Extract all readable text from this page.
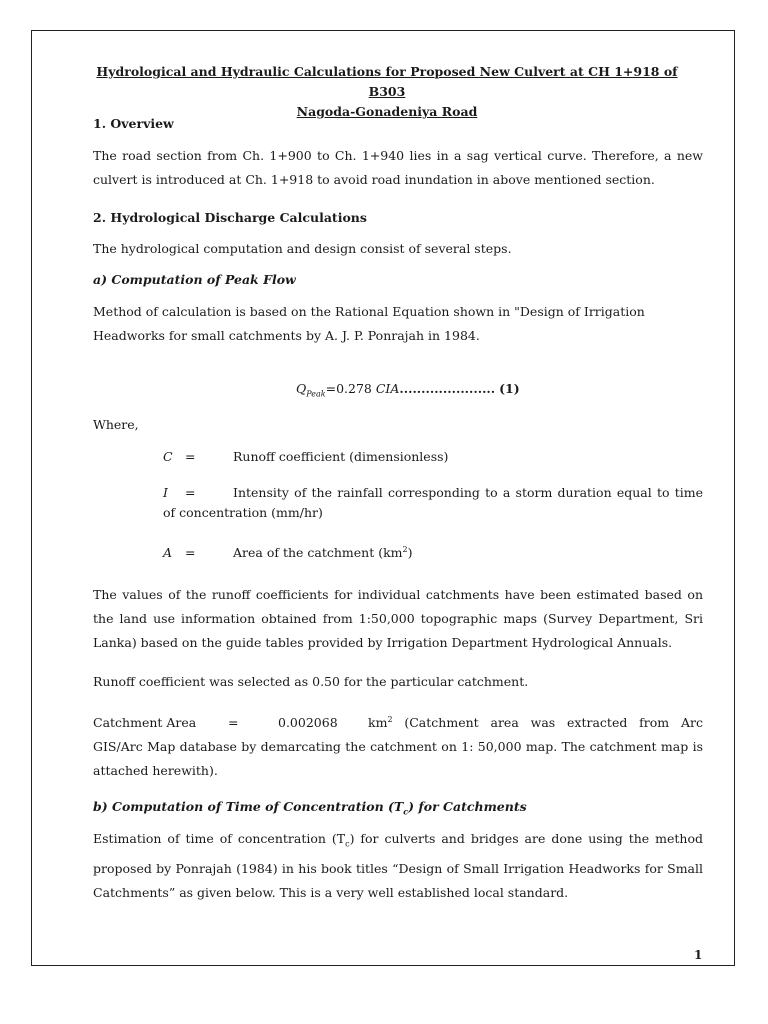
Hydrological and Hydraulic Calculations for Proposed New Culvert at CH 1+918 of B303
Nagoda-Gonadeniya Road
1. Overview
The road section from Ch. 1+900 to Ch. 1+940 lies in a sag vertical curve. Therefore, a new culvert is introduced at Ch. 1+918 to avoid road inundation in above mentioned section.
2. Hydrological Discharge Calculations
The hydrological computation and design consist of several steps.
a) Computation of Peak Flow
Method of calculation is based on the Rational Equation shown in "Design of Irrigation Headworks for small catchments by A. J. P. Ponrajah in 1984.
$Q_{Peak}=0.278$ CIA...................... (1)
Where,
C =	Runoff coefficient (dimensionless)
I =	Intensity of the rainfall corresponding to a storm duration equal to time of concentration (mm/hr)
A =	Area of the catchment $(km^2)$
The values of the runoff coefficients for individual catchments have been estimated based on the land use information obtained from 1:50,000 topographic maps (Survey Department, Sri Lanka) based on the guide tables provided by Irrigation Department Hydrological Annuals.
Runoff coefficient was selected as 0.50 for the particular catchment.
Catchment Area	=	0.002068 $km^2$ (Catchment area was extracted from Arc GIS/Arc Map database by demarcating the catchment on 1: 50,000 map. The catchment map is attached herewith).
b) Computation of Time of Concentration $(T_c)$ for Catchments
Estimation of time of concentration $(T_c)$ for culverts and bridges are done using the method proposed by Ponrajah (1984) in his book titles “Design of Small Irrigation Headworks for Small Catchments” as given below. This is a very well established local standard.
1
